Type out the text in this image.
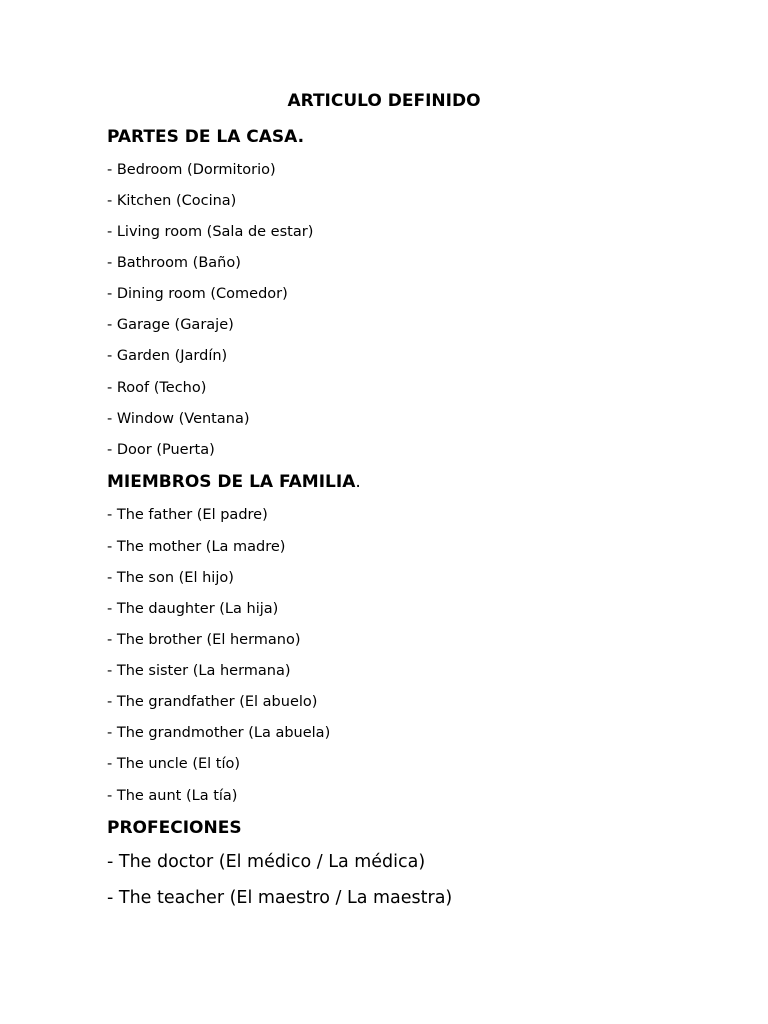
ARTICULO DEFINIDO
PARTES DE LA CASA.
- Bedroom (Dormitorio)
- Kitchen (Cocina)
- Living room (Sala de estar)
- Bathroom (Baño)
- Dining room (Comedor)
- Garage (Garaje)
- Garden (Jardín)
- Roof (Techo)
- Window (Ventana)
- Door (Puerta)
MIEMBROS DE LA FAMILIA.
- The father (El padre)
- The mother (La madre)
- The son (El hijo)
- The daughter (La hija)
- The brother (El hermano)
- The sister (La hermana)
- The grandfather (El abuelo)
- The grandmother (La abuela)
- The uncle (El tío)
- The aunt (La tía)
PROFECIONES
- The doctor (El médico / La médica)
- The teacher (El maestro / La maestra)
